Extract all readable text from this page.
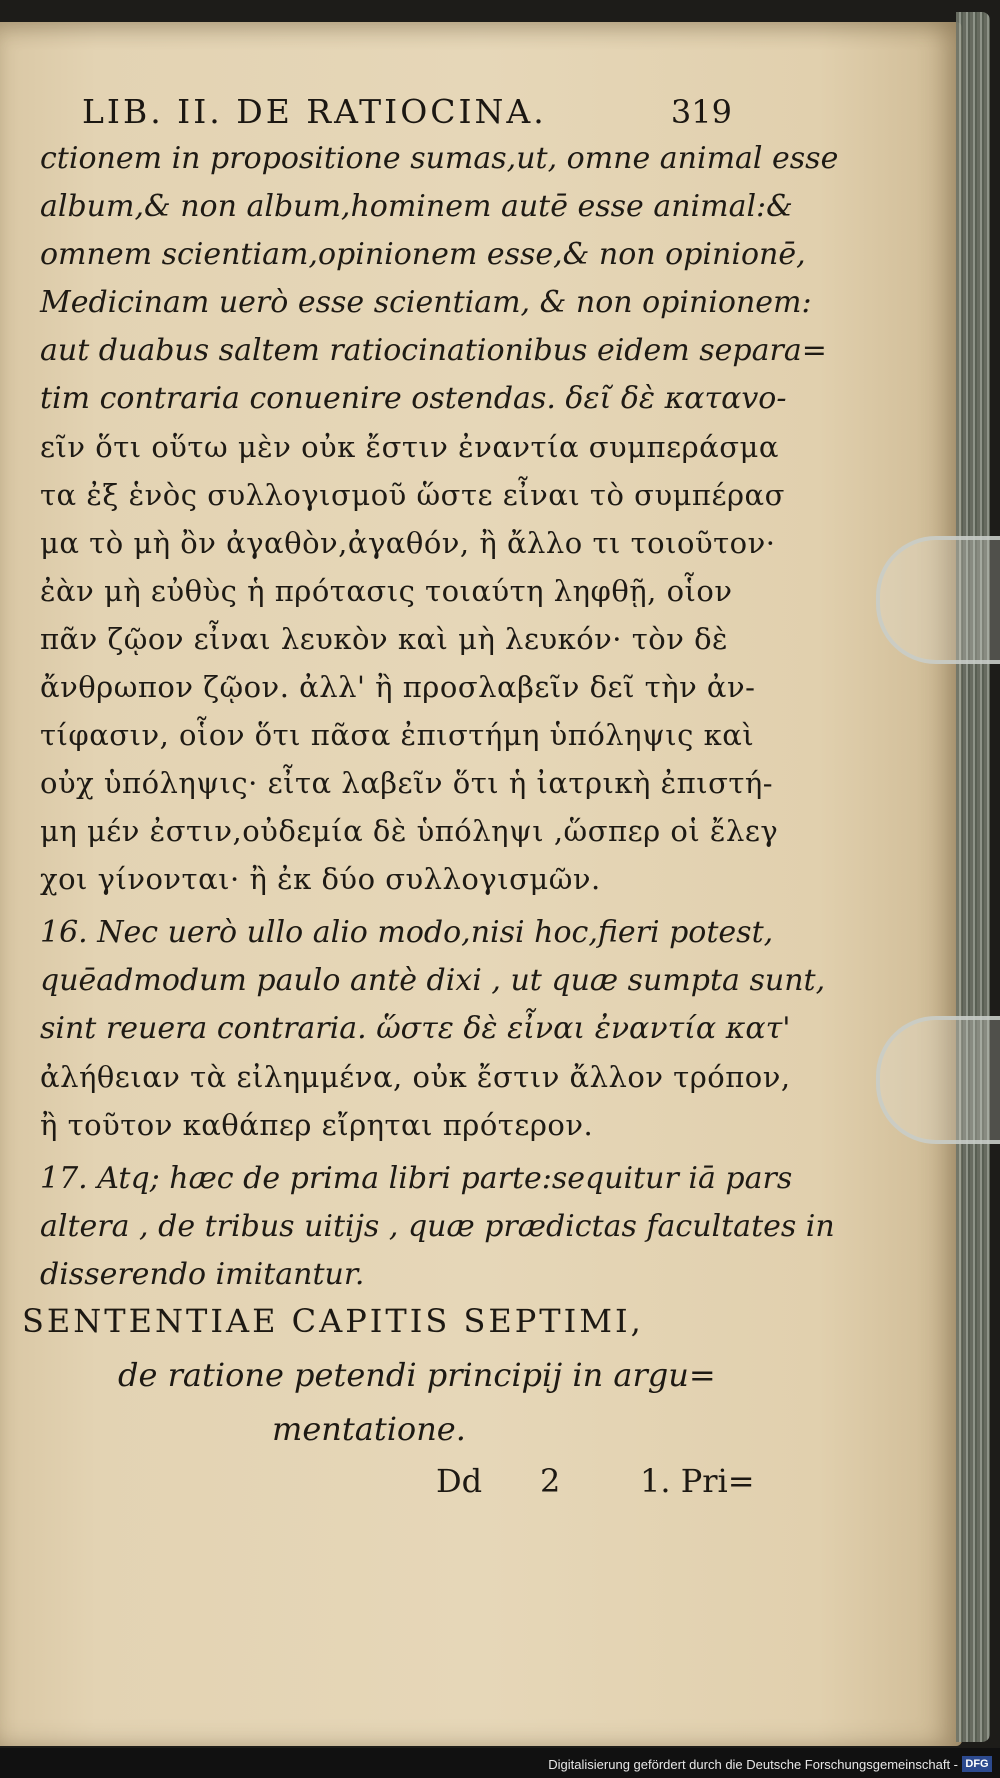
LIB. II. DE RATIOCINA.	319
ctionem in propositione sumas,ut, omne animal esse
album,& non album,hominem autē esse animal:&
omnem scientiam,opinionem esse,& non opinionē,
Medicinam uerò esse scientiam, & non opinionem:
aut duabus saltem ratiocinationibus eidem separa=
tim contraria conuenire ostendas. δεῖ δὲ καταvo-
εῖν ὅτι οὕτω μὲν οὐκ ἔστιν ἐναντία συμπεράσμα
τα ἐξ ἑνὸς συλλογισμοῦ ὥστε εἶναι τὸ συμπέρασ
μα τὸ μὴ ὂν ἀγαθὸν,ἀγαθόν, ἢ ἄλλο τι τοιοῦτον·
ἐὰν μὴ εὐθὺς ἡ πρότασις τοιαύτη ληφθῇ, οἷον
πᾶν ζῷον εἶναι λευκὸν καὶ μὴ λευκόν· τὸν δὲ
ἄνθρωπον ζῷον. ἀλλ' ἢ προσλαβεῖν δεῖ τὴν ἀν-
τίφασιν, οἷον ὅτι πᾶσα ἐπιστήμη ὑπόληψις καὶ
οὐχ ὑπόληψις· εἶτα λαβεῖν ὅτι ἡ ἰατρικὴ ἐπιστή-
μη μέν ἐστιν,οὐδεμία δὲ ὑπόληψι ,ὥσπερ οἱ ἔλεγ
χοι γίνονται· ἢ ἐκ δύο συλλογισμῶν.
16. Nec uerò ullo alio modo,nisi hoc,fieri potest,
quēadmodum paulo antè dixi , ut quæ sumpta sunt,
sint reuera contraria. ὥστε δὲ εἶναι ἐναντία κατ'
ἀλήθειαν τὰ εἰλημμένα, οὐκ ἔστιν ἄλλον τρόπον,
ἢ τοῦτον καθάπερ εἴρηται πρότερον.
17. Atq; hæc de prima libri parte:sequitur iā pars
altera , de tribus uitijs , quæ prædictas facultates in
disserendo imitantur.
SENTENTIAE CAPITIS SEPTIMI,
de ratione petendi principij in argu=
mentatione.
Dd 2 1. Pri=
Digitalisierung gefördert durch die Deutsche Forschungsgemeinschaft - DFG
